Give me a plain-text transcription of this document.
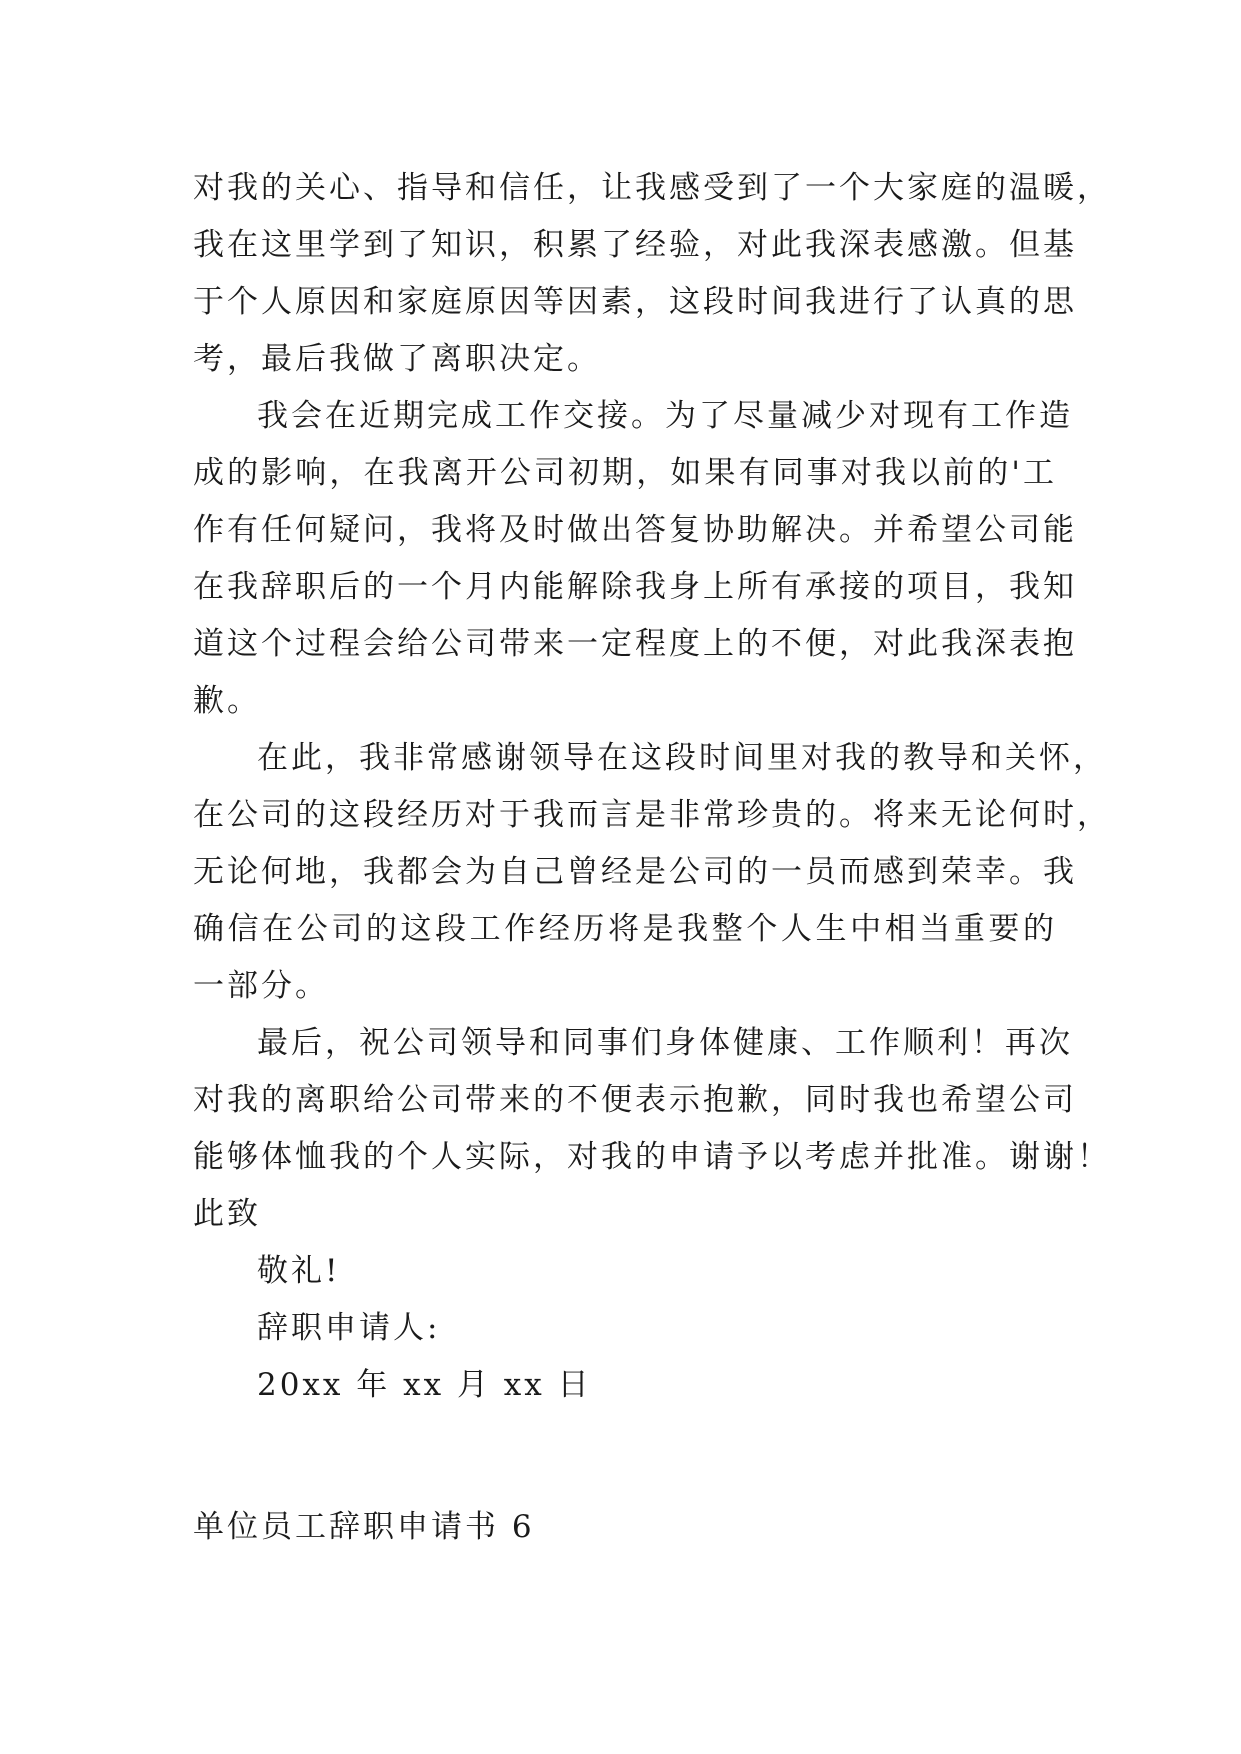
对我的关心、指导和信任，让我感受到了一个大家庭的温暖，
我在这里学到了知识，积累了经验，对此我深表感激。但基
于个人原因和家庭原因等因素，这段时间我进行了认真的思
考，最后我做了离职决定。
我会在近期完成工作交接。为了尽量减少对现有工作造
成的影响，在我离开公司初期，如果有同事对我以前的'工
作有任何疑问，我将及时做出答复协助解决。并希望公司能
在我辞职后的一个月内能解除我身上所有承接的项目，我知
道这个过程会给公司带来一定程度上的不便，对此我深表抱
歉。
在此，我非常感谢领导在这段时间里对我的教导和关怀，
在公司的这段经历对于我而言是非常珍贵的。将来无论何时，
无论何地，我都会为自己曾经是公司的一员而感到荣幸。我
确信在公司的这段工作经历将是我整个人生中相当重要的
一部分。
最后，祝公司领导和同事们身体健康、工作顺利！再次
对我的离职给公司带来的不便表示抱歉，同时我也希望公司
能够体恤我的个人实际，对我的申请予以考虑并批准。谢谢！
此致
敬礼!
辞职申请人:
20xx 年 xx 月 xx 日
单位员工辞职申请书 6
